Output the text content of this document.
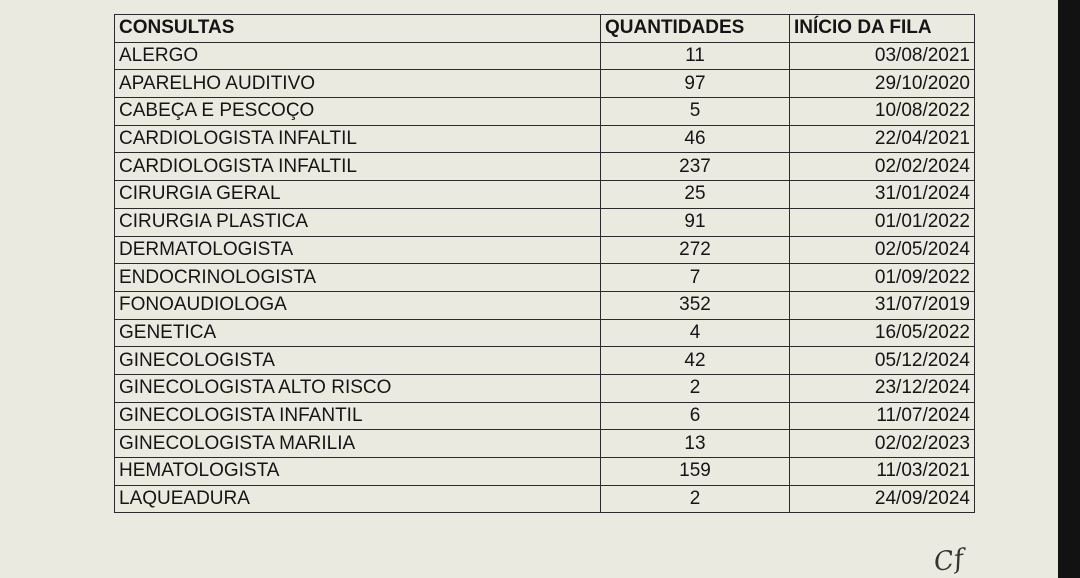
CONSULTAS	QUANTIDADES	INÍCIO DA FILA
ALERGO	11	03/08/2021
APARELHO AUDITIVO	97	29/10/2020
CABEÇA E PESCOÇO	5	10/08/2022
CARDIOLOGISTA INFALTIL	46	22/04/2021
CARDIOLOGISTA INFALTIL	237	02/02/2024
CIRURGIA GERAL	25	31/01/2024
CIRURGIA PLASTICA	91	01/01/2022
DERMATOLOGISTA	272	02/05/2024
ENDOCRINOLOGISTA	7	01/09/2022
FONOAUDIOLOGA	352	31/07/2019
GENETICA	4	16/05/2022
GINECOLOGISTA	42	05/12/2024
GINECOLOGISTA ALTO RISCO	2	23/12/2024
GINECOLOGISTA INFANTIL	6	11/07/2024
GINECOLOGISTA MARILIA	13	02/02/2023
HEMATOLOGISTA	159	11/03/2021
LAQUEADURA	2	24/09/2024
Cf
